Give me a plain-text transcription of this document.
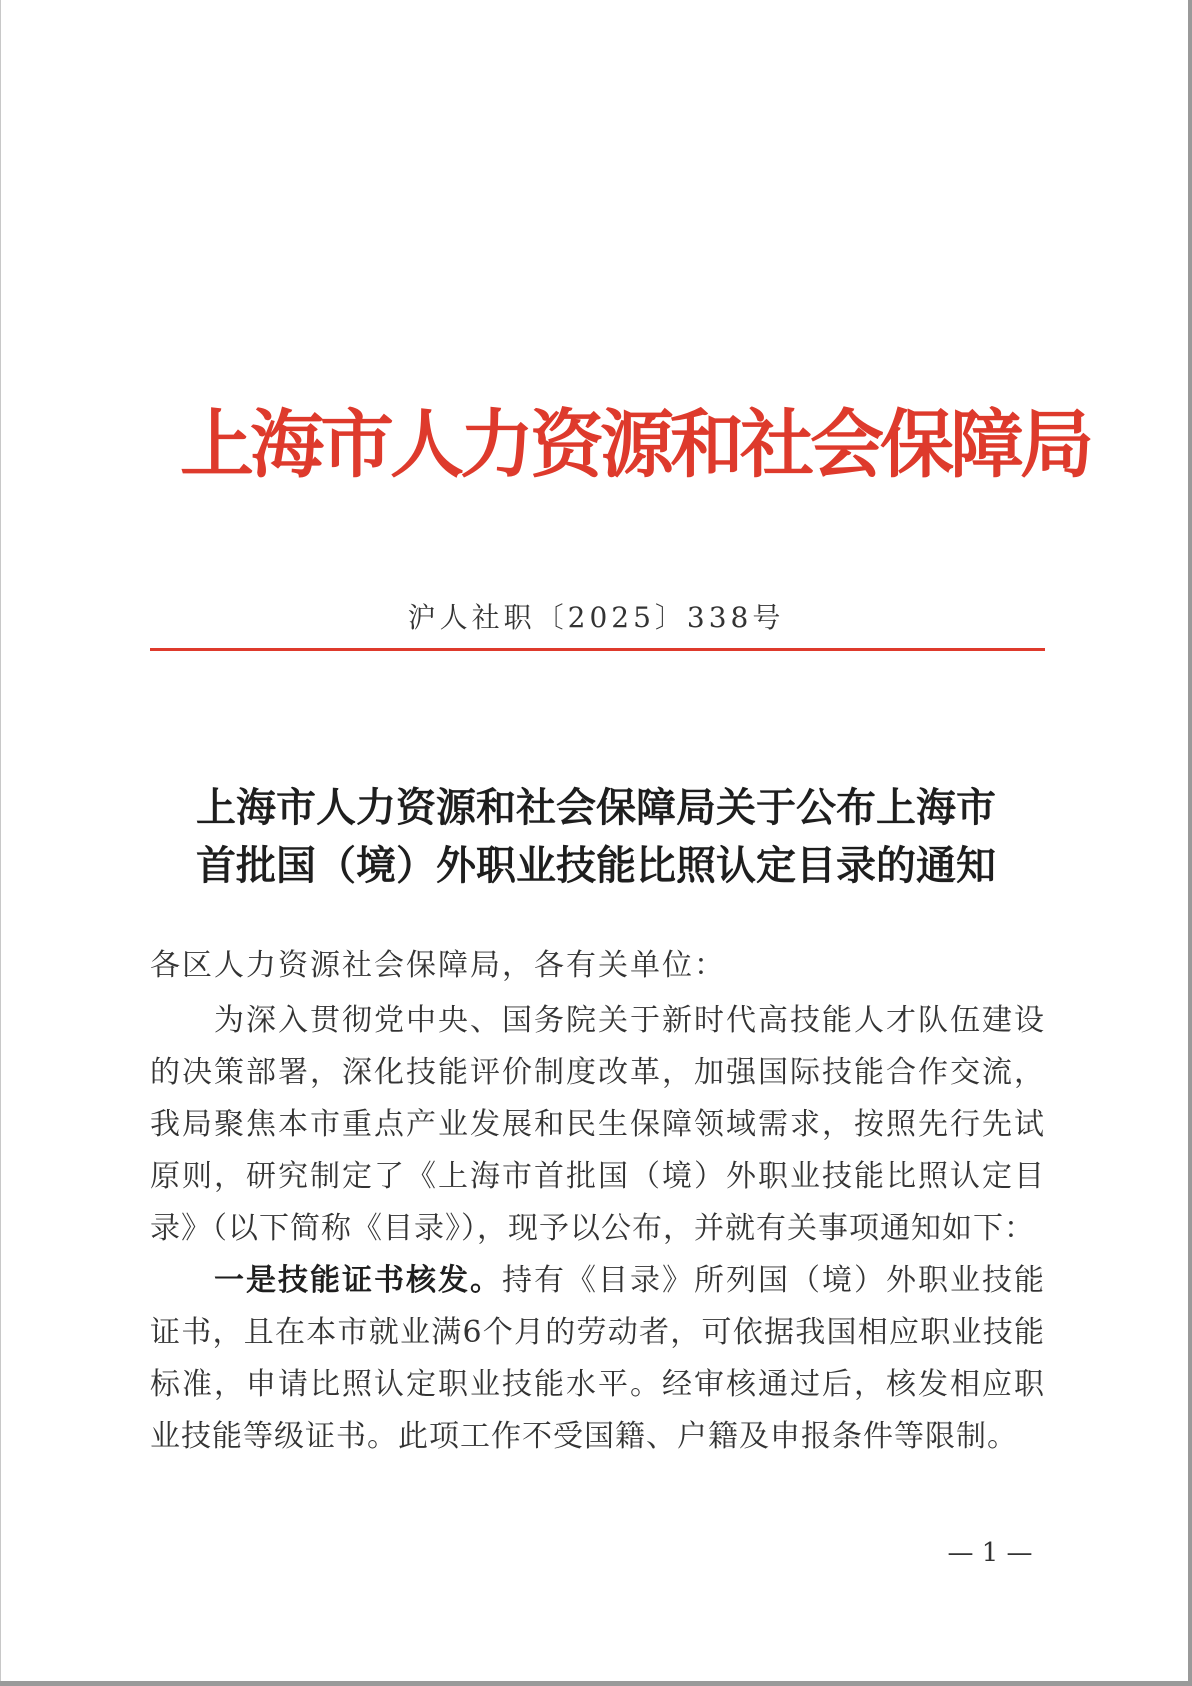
上海市人力资源和社会保障局
沪人社职〔2025〕338号
上海市人力资源和社会保障局关于公布上海市
首批国（境）外职业技能比照认定目录的通知
各区人力资源社会保障局，各有关单位：

为深入贯彻党中央、国务院关于新时代高技能人才队伍建设的决策部署，深化技能评价制度改革，加强国际技能合作交流，我局聚焦本市重点产业发展和民生保障领域需求，按照先行先试原则，研究制定了《上海市首批国（境）外职业技能比照认定目录》（以下简称《目录》），现予以公布，并就有关事项通知如下：

一是技能证书核发。持有《目录》所列国（境）外职业技能证书，且在本市就业满6个月的劳动者，可依据我国相应职业技能标准，申请比照认定职业技能水平。经审核通过后，核发相应职业技能等级证书。此项工作不受国籍、户籍及申报条件等限制。

— 1 —
